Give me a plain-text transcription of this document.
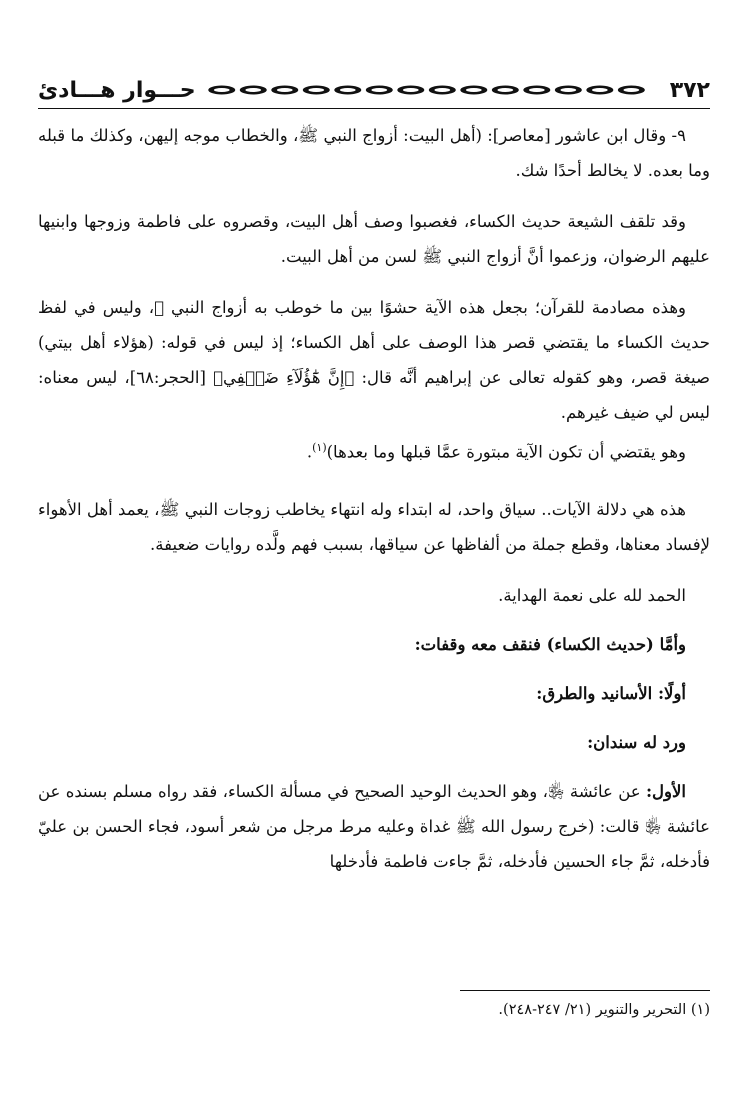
٣٧٢
حـــوار هـــادئ

٩- وقال ابن عاشور [معاصر]: (أهل البيت: أزواج النبي ﷺ، والخطاب موجه إليهن، وكذلك ما قبله وما بعده. لا يخالط أحدًا شك.

وقد تلقف الشيعة حديث الكساء، فغصبوا وصف أهل البيت، وقصروه على فاطمة وزوجها وابنيها عليهم الرضوان، وزعموا أنَّ أزواج النبي ﷺ لسن من أهل البيت.

وهذه مصادمة للقرآن؛ بجعل هذه الآية حشوًا بين ما خوطب به أزواج النبي ﷺ، وليس في لفظ حديث الكساء ما يقتضي قصر هذا الوصف على أهل الكساء؛ إذ ليس في قوله: (هؤلاء أهل بيتي) صيغة قصر، وهو كقوله تعالى عن إبراهيم أنَّه قال: ﴿إِنَّ هَٰٓؤُلَآءِ ضَيۡفِي﴾ [الحجر:٦٨]، ليس معناه: ليس لي ضيف غيرهم.

وهو يقتضي أن تكون الآية مبتورة عمَّا قبلها وما بعدها)$^{(١)}$.

هذه هي دلالة الآيات.. سياق واحد، له ابتداء وله انتهاء يخاطب زوجات النبي ﷺ، يعمد أهل الأهواء لإفساد معناها، وقطع جملة من ألفاظها عن سياقها، بسبب فهم ولَّده روايات ضعيفة.

الحمد لله على نعمة الهداية.

وأمَّا (حديث الكساء) فنقف معه وقفات:

أولًا: الأسانيد والطرق:

ورد له سندان:

الأول: عن عائشة ﵂، وهو الحديث الوحيد الصحيح في مسألة الكساء، فقد رواه مسلم بسنده عن عائشة ﵂ قالت: (خرج رسول الله ﷺ غداة وعليه مرط مرجل من شعر أسود، فجاء الحسن بن عليّ فأدخله، ثمَّ جاء الحسين فأدخله، ثمَّ جاءت فاطمة فأدخلها

(١) التحرير والتنوير (٢١/ ٢٤٧-٢٤٨).
